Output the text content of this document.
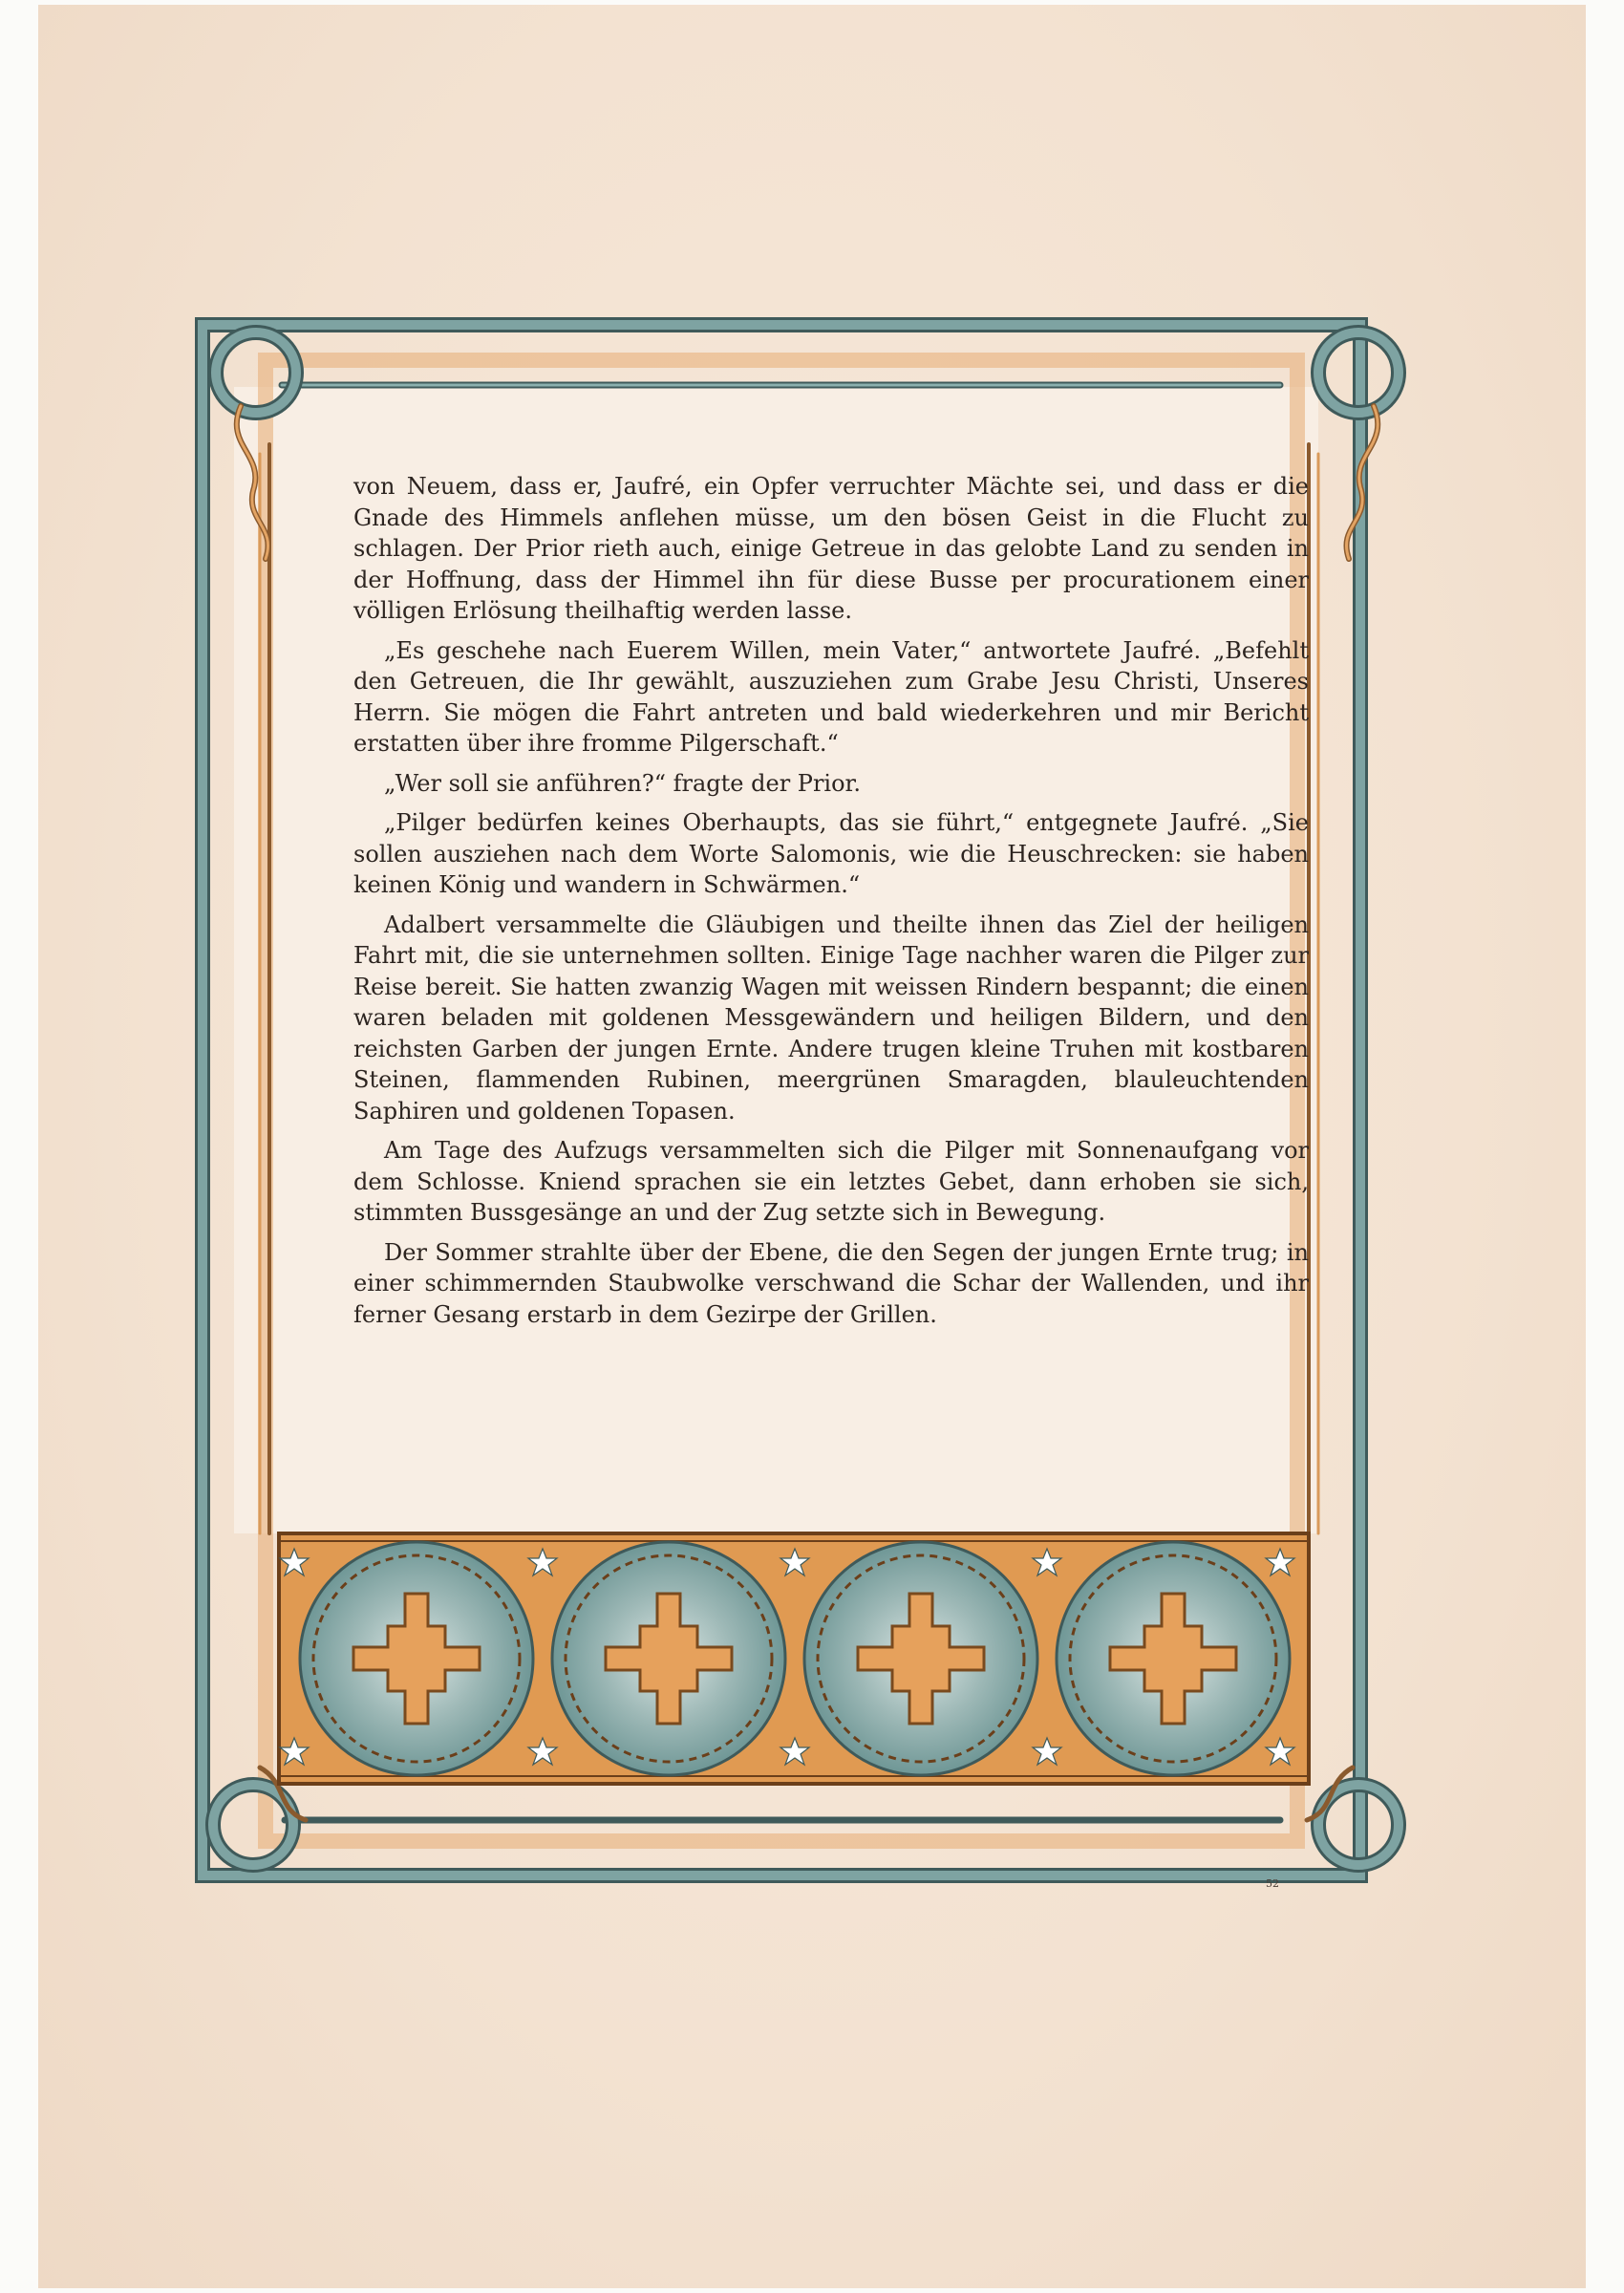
von Neuem, dass er, Jaufré, ein Opfer verruchter Mächte sei, und dass er die Gnade des Himmels anflehen müsse, um den bösen Geist in die Flucht zu schlagen. Der Prior rieth auch, einige Getreue in das gelobte Land zu senden in der Hoffnung, dass der Himmel ihn für diese Busse per procurationem einer völligen Erlösung theilhaftig werden lasse.

„Es geschehe nach Euerem Willen, mein Vater,“ antwortete Jaufré. „Befehlt den Getreuen, die Ihr gewählt, auszuziehen zum Grabe Jesu Christi, Unseres Herrn. Sie mögen die Fahrt antreten und bald wiederkehren und mir Bericht erstatten über ihre fromme Pilgerschaft.“

„Wer soll sie anführen?“ fragte der Prior.

„Pilger bedürfen keines Oberhaupts, das sie führt,“ entgegnete Jaufré. „Sie sollen ausziehen nach dem Worte Salomonis, wie die Heuschrecken: sie haben keinen König und wandern in Schwärmen.“

Adalbert versammelte die Gläubigen und theilte ihnen das Ziel der heiligen Fahrt mit, die sie unternehmen sollten. Einige Tage nachher waren die Pilger zur Reise bereit. Sie hatten zwanzig Wagen mit weissen Rindern bespannt; die einen waren beladen mit goldenen Messgewändern und heiligen Bildern, und den reichsten Garben der jungen Ernte. Andere trugen kleine Truhen mit kostbaren Steinen, flammenden Rubinen, meergrünen Smaragden, blauleuchtenden Saphiren und goldenen Topasen.

Am Tage des Aufzugs versammelten sich die Pilger mit Sonnenaufgang vor dem Schlosse. Kniend sprachen sie ein letztes Gebet, dann erhoben sie sich, stimmten Bussgesänge an und der Zug setzte sich in Bewegung.

Der Sommer strahlte über der Ebene, die den Segen der jungen Ernte trug; in einer schimmernden Staubwolke verschwand die Schar der Wallenden, und ihr ferner Gesang erstarb in dem Gezirpe der Grillen.

52
